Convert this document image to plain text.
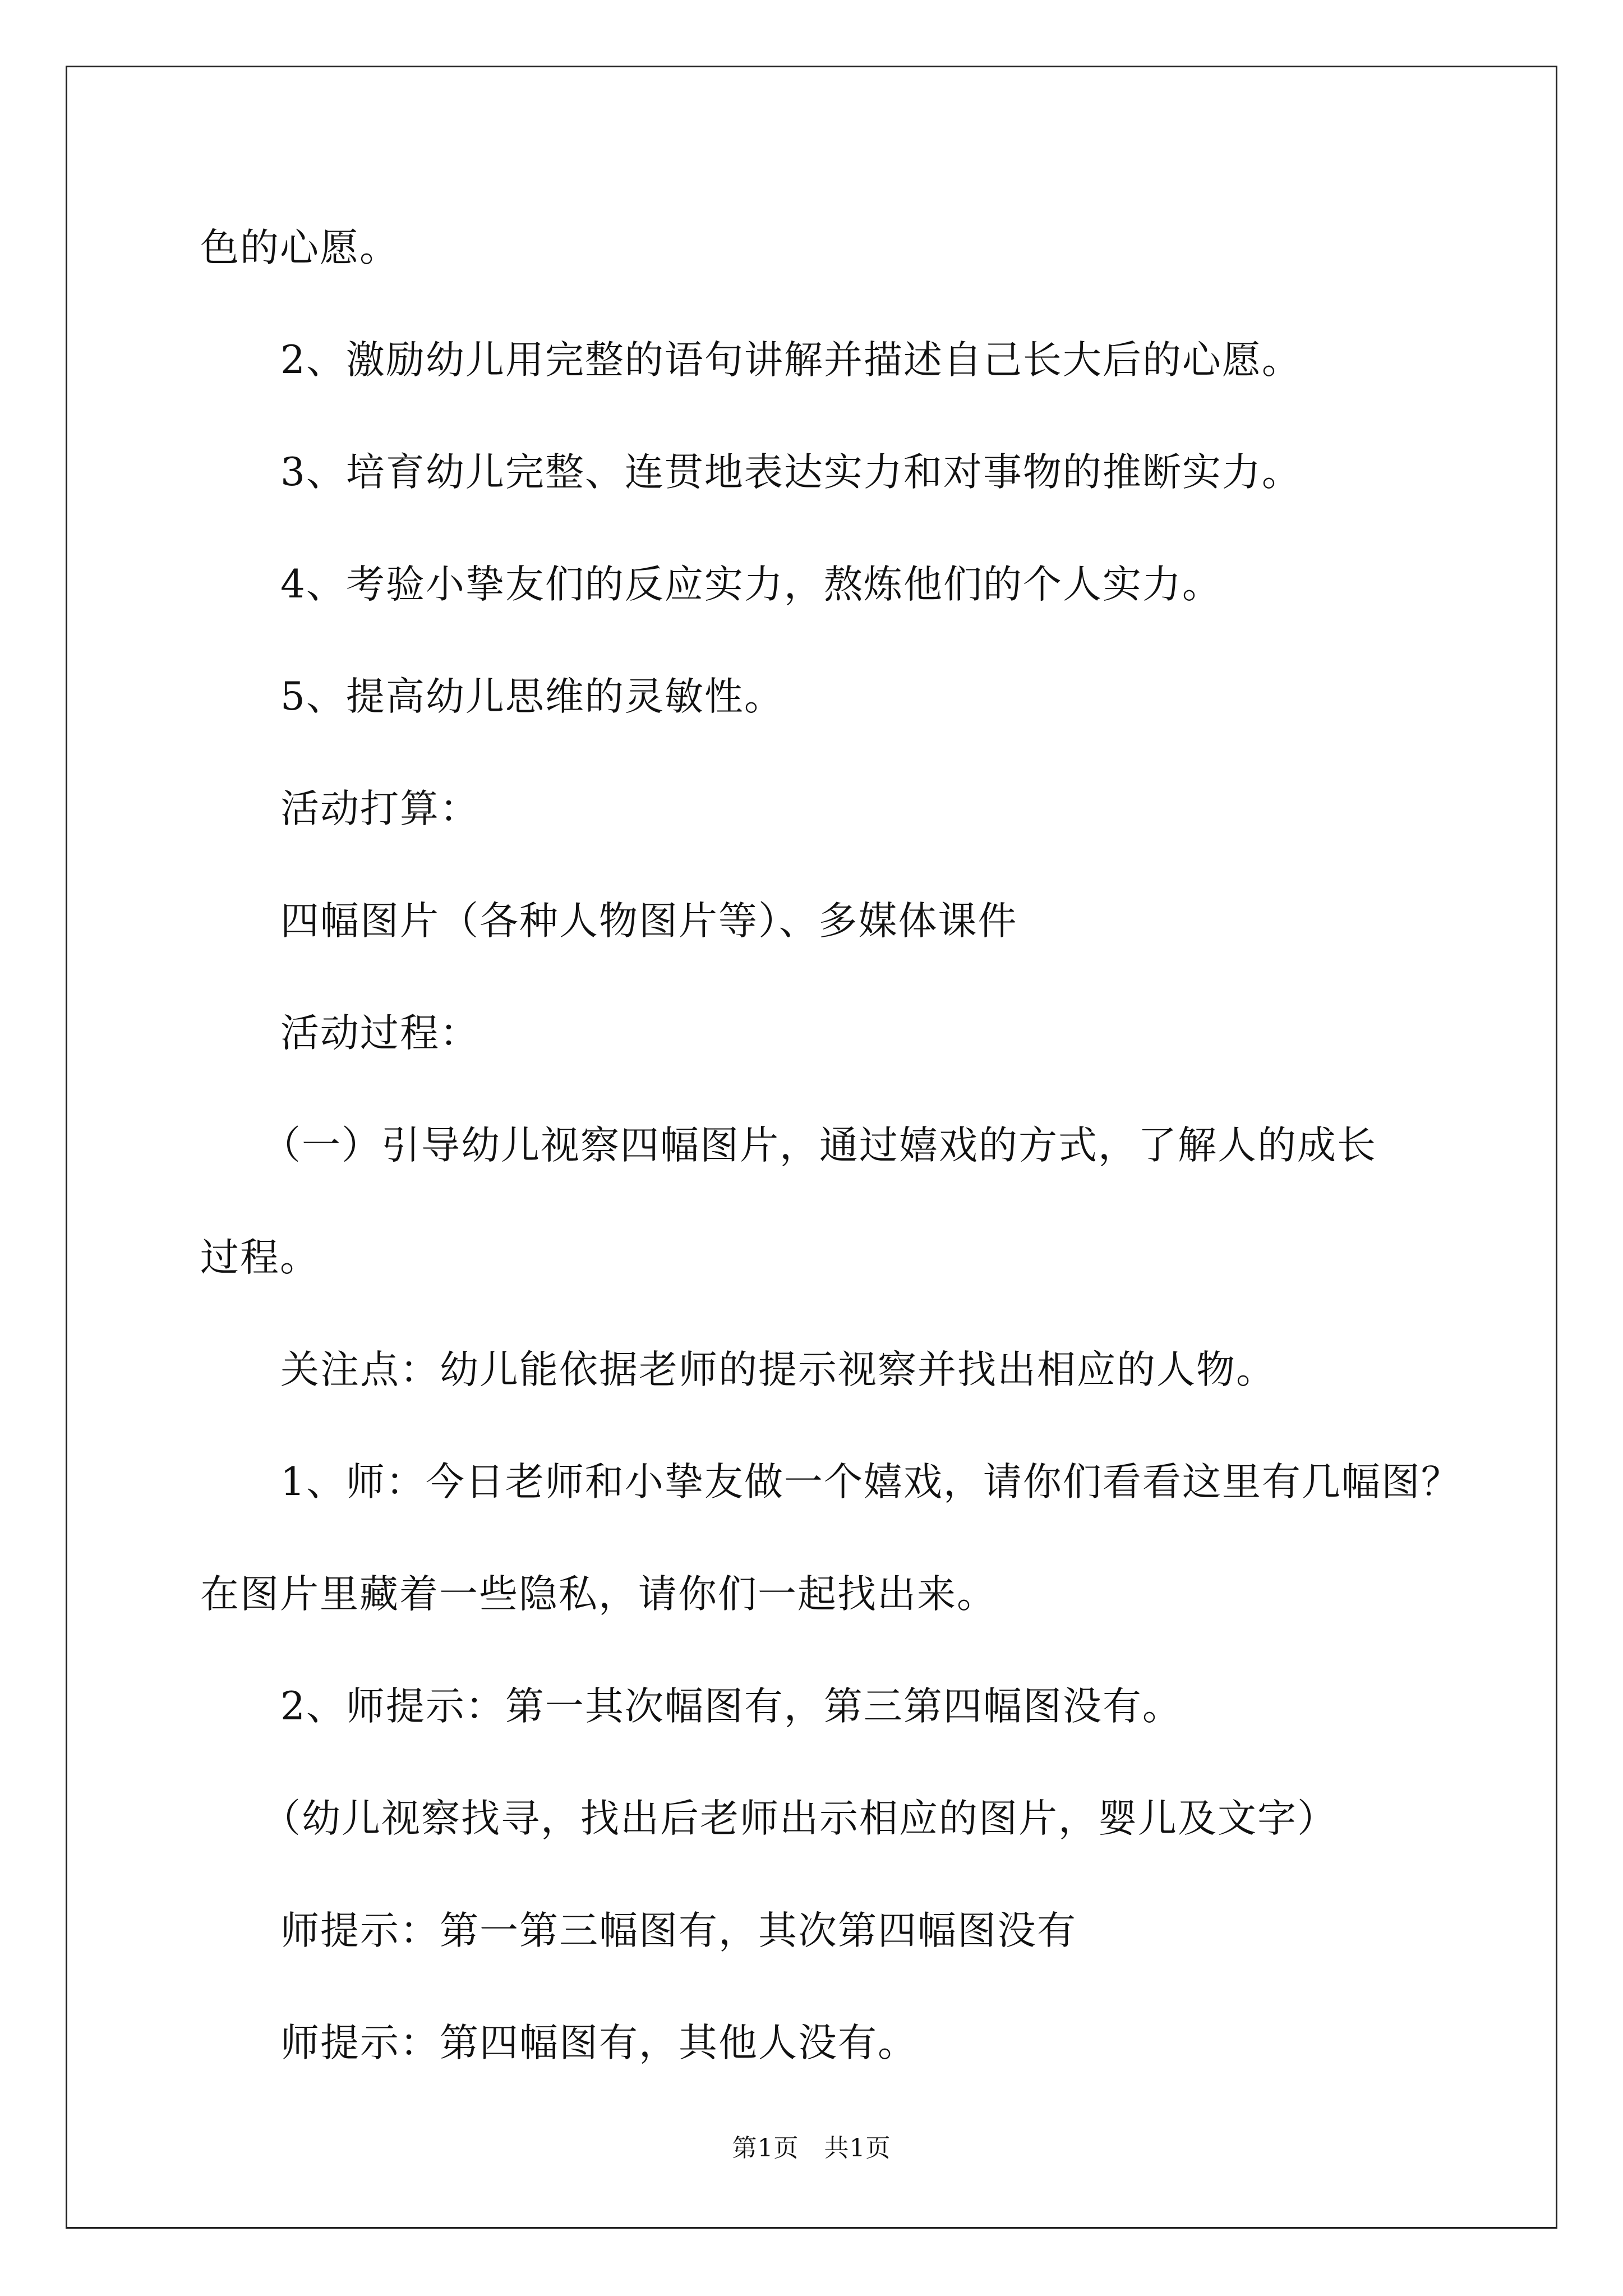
色的心愿。
2、激励幼儿用完整的语句讲解并描述自己长大后的心愿。
3、培育幼儿完整、连贯地表达实力和对事物的推断实力。
4、考验小挚友们的反应实力，熬炼他们的个人实力。
5、提高幼儿思维的灵敏性。
活动打算：
四幅图片（各种人物图片等）、多媒体课件
活动过程：
（一）引导幼儿视察四幅图片，通过嬉戏的方式，了解人的成长
过程。
关注点：幼儿能依据老师的提示视察并找出相应的人物。
1、师：今日老师和小挚友做一个嬉戏，请你们看看这里有几幅图？
在图片里藏着一些隐私，请你们一起找出来。
2、师提示：第一其次幅图有，第三第四幅图没有。
（幼儿视察找寻，找出后老师出示相应的图片，婴儿及文字）
师提示：第一第三幅图有，其次第四幅图没有
师提示：第四幅图有，其他人没有。
第1页　共1页
